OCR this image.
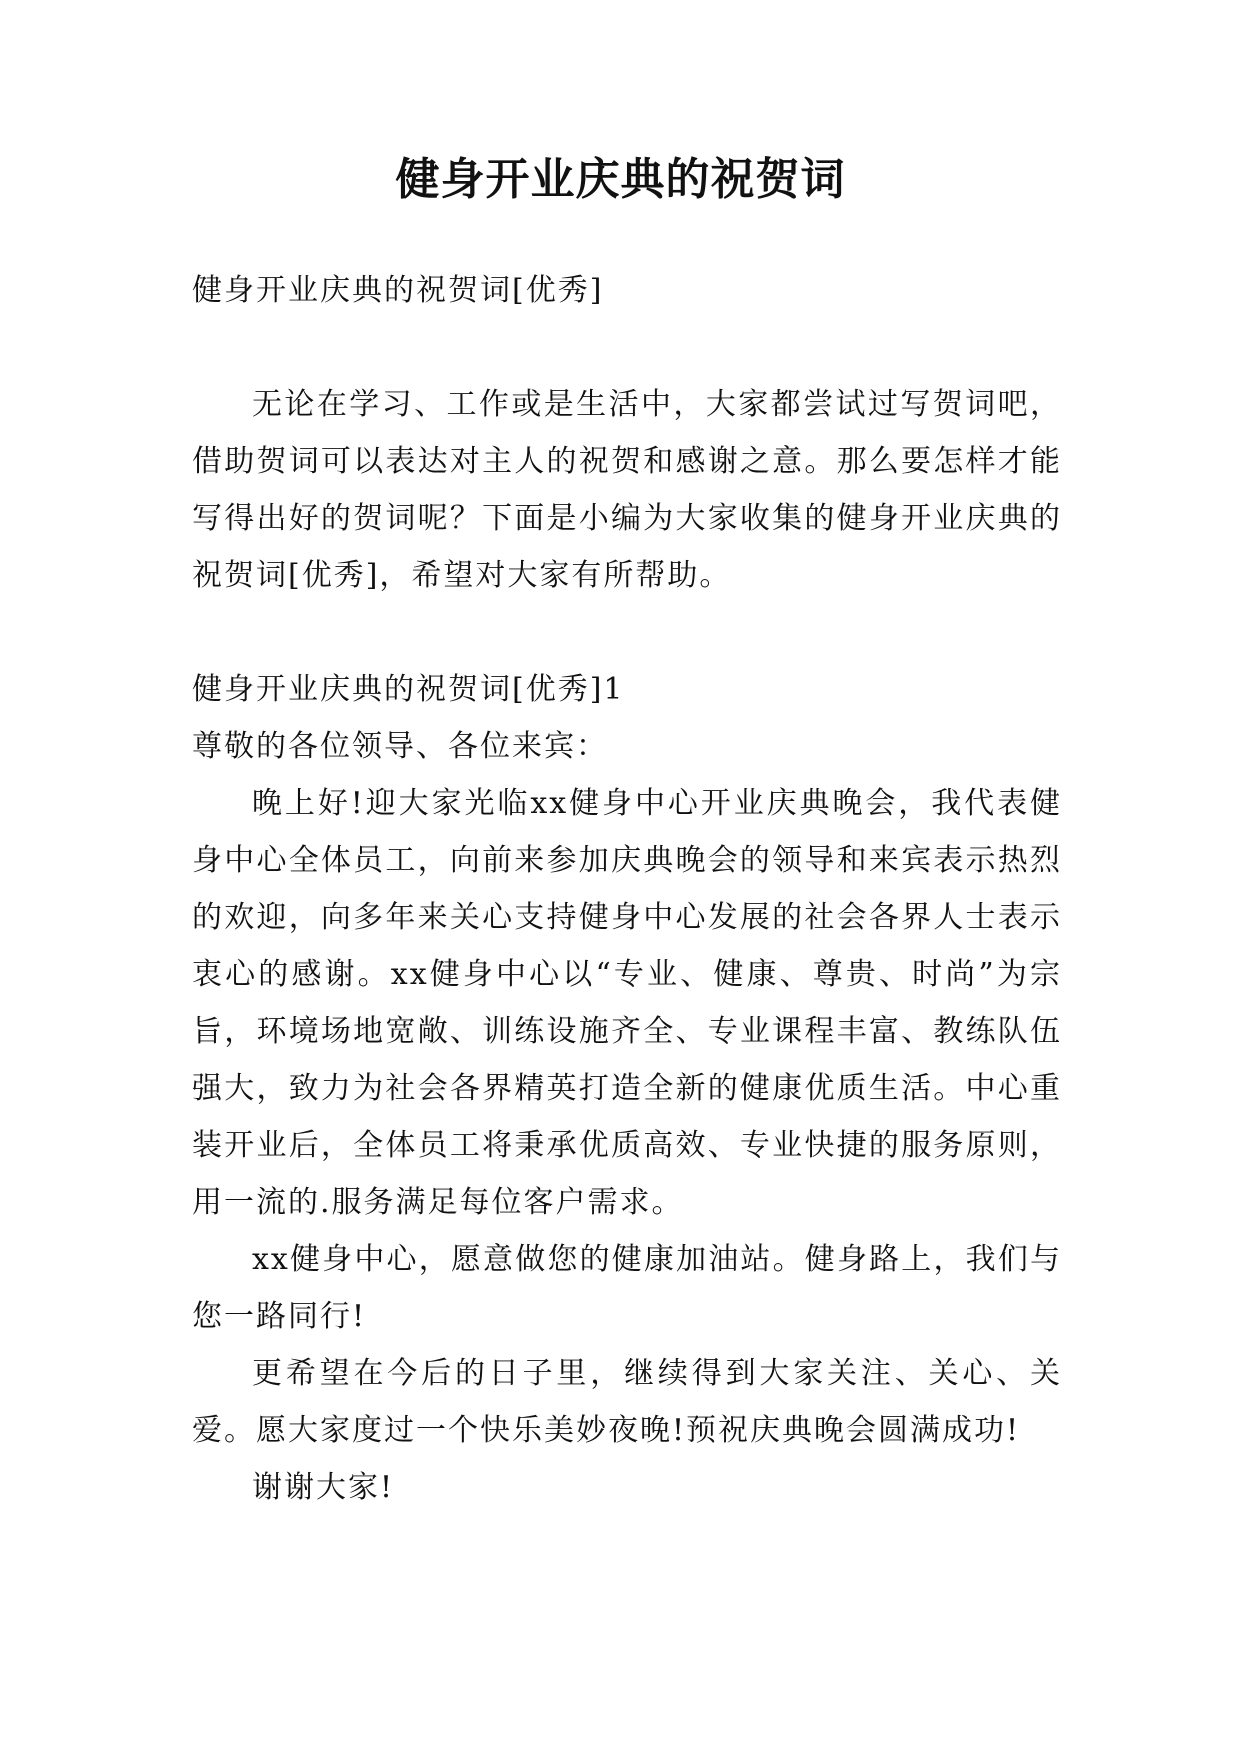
健身开业庆典的祝贺词

健身开业庆典的祝贺词[优秀]

无论在学习、工作或是生活中，大家都尝试过写贺词吧，借助贺词可以表达对主人的祝贺和感谢之意。那么要怎样才能写得出好的贺词呢？下面是小编为大家收集的健身开业庆典的祝贺词[优秀]，希望对大家有所帮助。

健身开业庆典的祝贺词[优秀]1

尊敬的各位领导、各位来宾：

晚上好!迎大家光临xx健身中心开业庆典晚会，我代表健身中心全体员工，向前来参加庆典晚会的领导和来宾表示热烈的欢迎，向多年来关心支持健身中心发展的社会各界人士表示衷心的感谢。xx健身中心以“专业、健康、尊贵、时尚”为宗旨，环境场地宽敞、训练设施齐全、专业课程丰富、教练队伍强大，致力为社会各界精英打造全新的健康优质生活。中心重装开业后，全体员工将秉承优质高效、专业快捷的服务原则，用一流的.服务满足每位客户需求。

xx健身中心，愿意做您的健康加油站。健身路上，我们与您一路同行!

更希望在今后的日子里，继续得到大家关注、关心、关爱。愿大家度过一个快乐美妙夜晚!预祝庆典晚会圆满成功!

谢谢大家!
